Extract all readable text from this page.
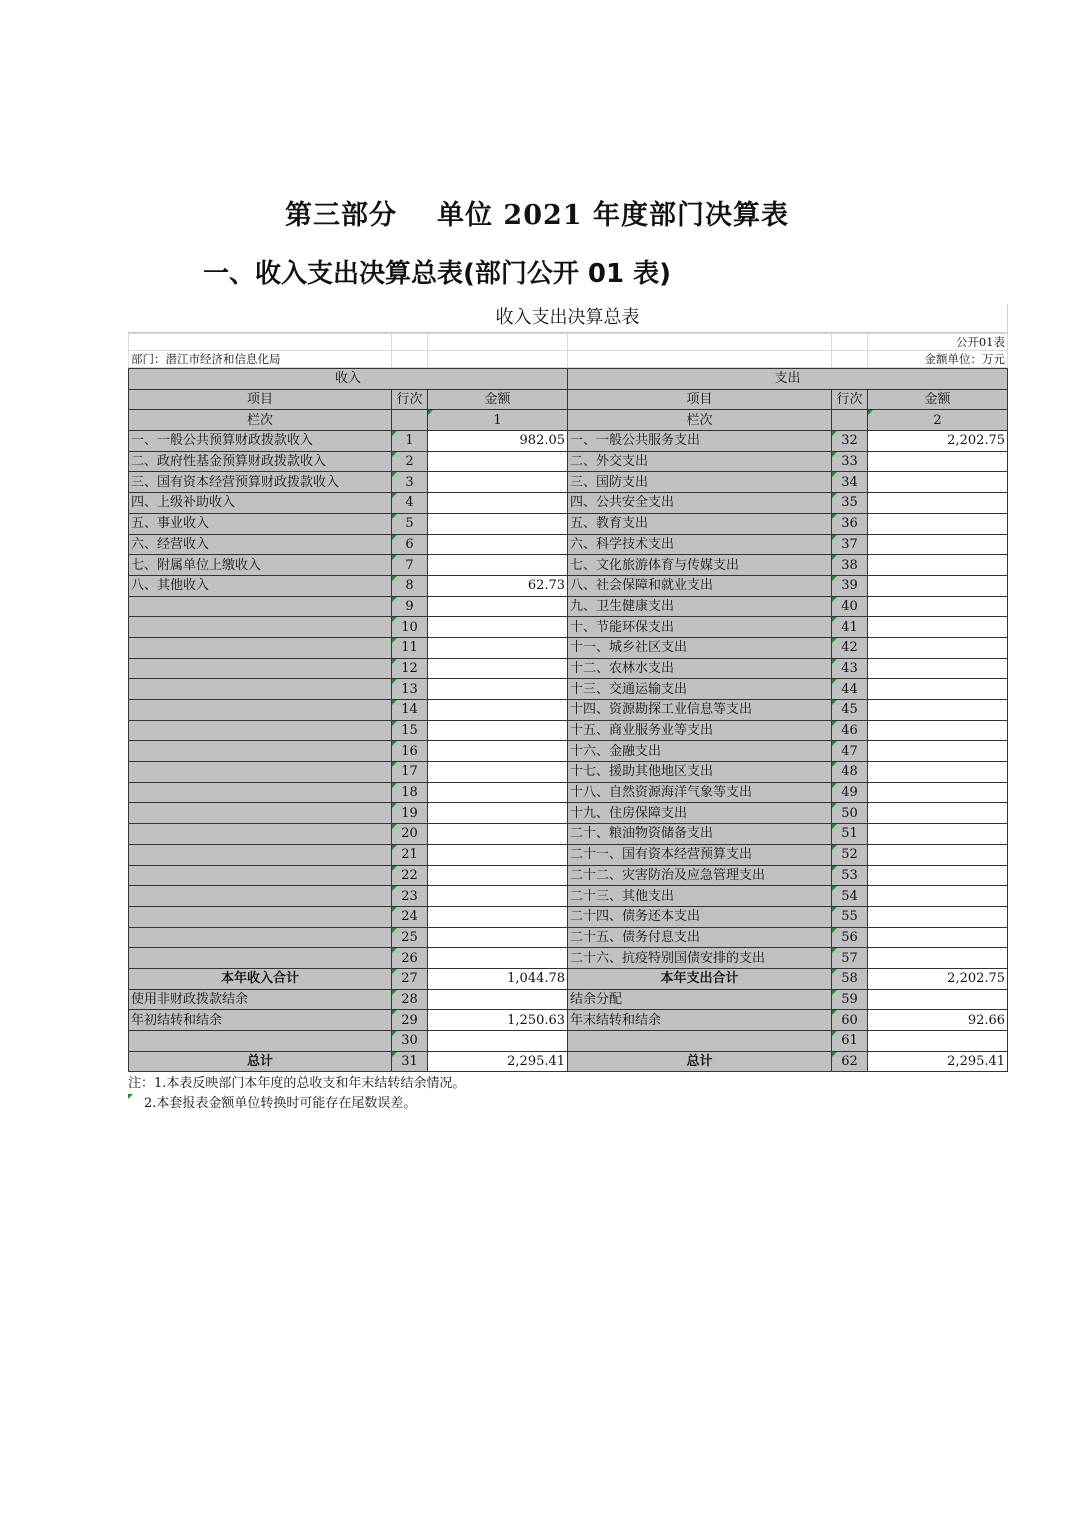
第三部分 单位 2021 年度部门决算表
一、收入支出决算总表(部门公开 01 表)
收入支出决算总表
					公开01表
部门：潜江市经济和信息化局					金额单位：万元
收入			支出		
项目	行次	金额	项目	行次	金额
栏次		1	栏次		2
一、一般公共预算财政拨款收入	1	982.05	一、一般公共服务支出	32	2,202.75
二、政府性基金预算财政拨款收入	2		二、外交支出	33	
三、国有资本经营预算财政拨款收入	3		三、国防支出	34	
四、上级补助收入	4		四、公共安全支出	35	
五、事业收入	5		五、教育支出	36	
六、经营收入	6		六、科学技术支出	37	
七、附属单位上缴收入	7		七、文化旅游体育与传媒支出	38	
八、其他收入	8	62.73	八、社会保障和就业支出	39	
	9		九、卫生健康支出	40	
	10		十、节能环保支出	41	
	11		十一、城乡社区支出	42	
	12		十二、农林水支出	43	
	13		十三、交通运输支出	44	
	14		十四、资源勘探工业信息等支出	45	
	15		十五、商业服务业等支出	46	
	16		十六、金融支出	47	
	17		十七、援助其他地区支出	48	
	18		十八、自然资源海洋气象等支出	49	
	19		十九、住房保障支出	50	
	20		二十、粮油物资储备支出	51	
	21		二十一、国有资本经营预算支出	52	
	22		二十二、灾害防治及应急管理支出	53	
	23		二十三、其他支出	54	
	24		二十四、债务还本支出	55	
	25		二十五、债务付息支出	56	
	26		二十六、抗疫特别国债安排的支出	57	
本年收入合计	27	1,044.78	本年支出合计	58	2,202.75
使用非财政拨款结余	28		结余分配	59	
年初结转和结余	29	1,250.63	年末结转和结余	60	92.66
	30			61	
总计	31	2,295.41	总计	62	2,295.41
注：1.本表反映部门本年度的总收支和年末结转结余情况。
2.本套报表金额单位转换时可能存在尾数误差。
